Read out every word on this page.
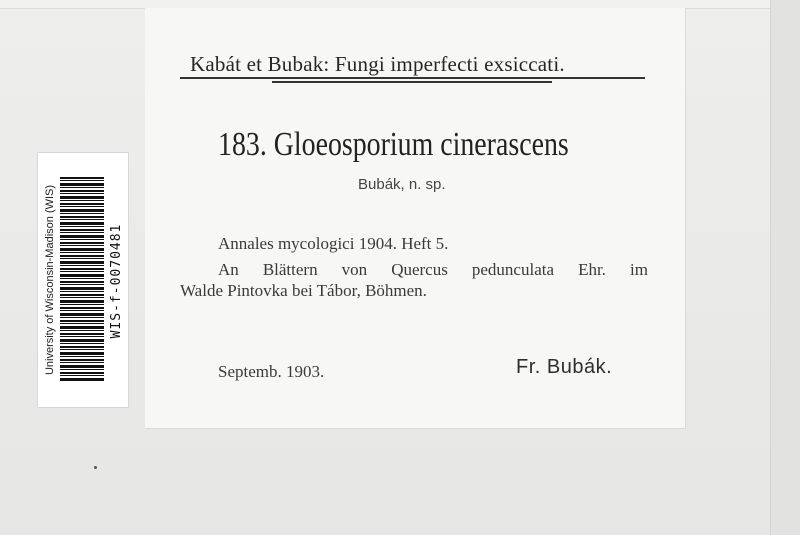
Kabát et Bubak: Fungi imperfecti exsiccati.
183. Gloeosporium cinerascens
Bubák, n. sp.
Annales mycologici 1904. Heft 5.
An Blättern von Quercus pedunculata Ehr. im
Walde Pintovka bei Tábor, Böhmen.
Septemb. 1903.	Fr. Bubák.
University of Wisconsin-Madison (WIS)	WIS-f-0070481
